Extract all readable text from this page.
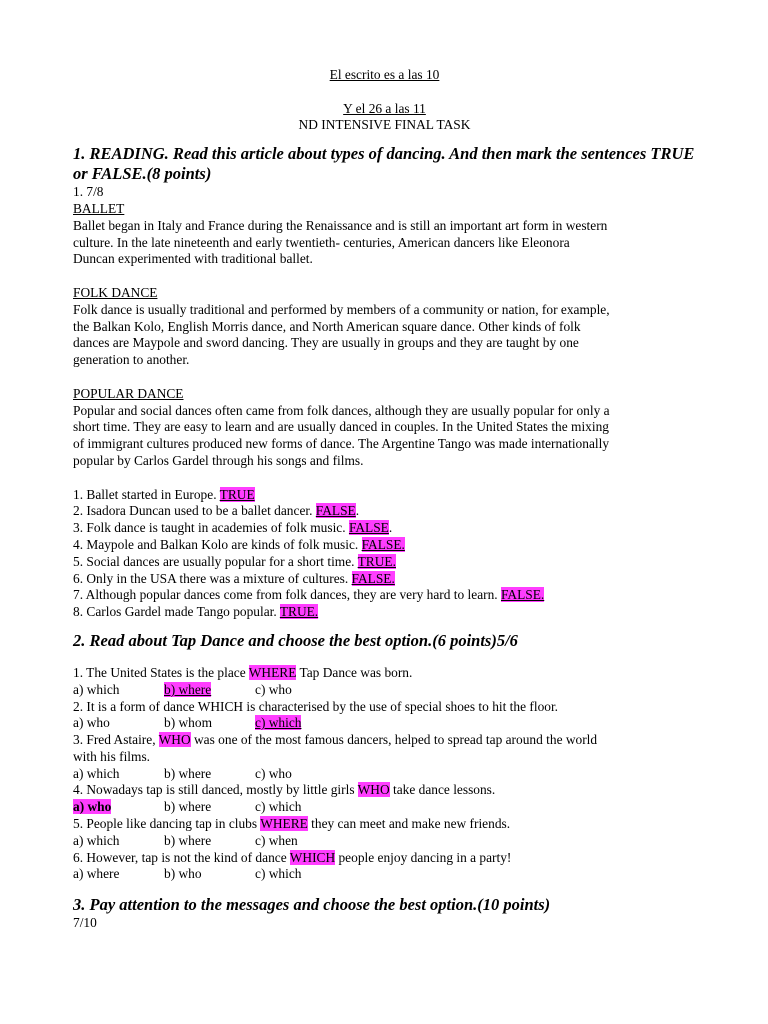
El escrito es a las 10
Y el 26 a las 11
ND INTENSIVE FINAL TASK
1. READING. Read this article about types of dancing. And then mark the sentences TRUE or FALSE.(8 points)
1. 7/8
BALLET
Ballet began in Italy and France during the Renaissance and is still an important art form in western
culture. In the late nineteenth and early twentieth- centuries, American dancers like Eleonora
Duncan experimented with traditional ballet.
FOLK DANCE
Folk dance is usually traditional and performed by members of a community or nation, for example,
the Balkan Kolo, English Morris dance, and North American square dance. Other kinds of folk
dances are Maypole and sword dancing. They are usually in groups and they are taught by one
generation to another.
POPULAR DANCE
Popular and social dances often came from folk dances, although they are usually popular for only a
short time. They are easy to learn and are usually danced in couples. In the United States the mixing
of immigrant cultures produced new forms of dance. The Argentine Tango was made internationally
popular by Carlos Gardel through his songs and films.
1. Ballet started in Europe. TRUE
2. Isadora Duncan used to be a ballet dancer. FALSE.
3. Folk dance is taught in academies of folk music. FALSE.
4. Maypole and Balkan Kolo are kinds of folk music. FALSE.
5. Social dances are usually popular for a short time. TRUE.
6. Only in the USA there was a mixture of cultures. FALSE.
7. Although popular dances come from folk dances, they are very hard to learn. FALSE.
8. Carlos Gardel made Tango popular. TRUE.
2. Read about Tap Dance and choose the best option.(6 points)5/6
1. The United States is the place WHERE Tap Dance was born.
a) which	b) where	c) who
2. It is a form of dance WHICH is characterised by the use of special shoes to hit the floor.
a) who	b) whom	c) which
3. Fred Astaire, WHO was one of the most famous dancers, helped to spread tap around the world
with his films.
a) which	b) where	c) who
4. Nowadays tap is still danced, mostly by little girls WHO take dance lessons.
a) who	b) where	c) which
5. People like dancing tap in clubs WHERE they can meet and make new friends.
a) which	b) where	c) when
6. However, tap is not the kind of dance WHICH people enjoy dancing in a party!
a) where	b) who	c) which
3. Pay attention to the messages and choose the best option.(10 points)
7/10
